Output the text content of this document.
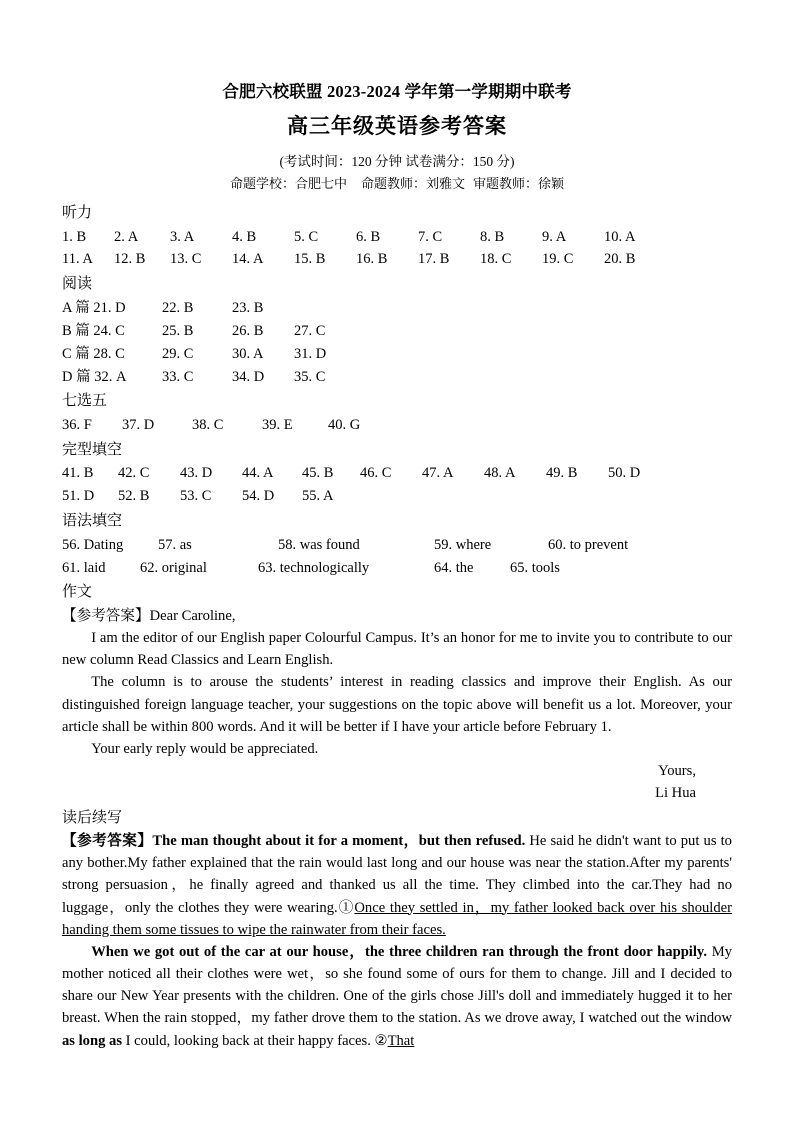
合肥六校联盟 2023-2024 学年第一学期期中联考
高三年级英语参考答案
(考试时间：120 分钟 试卷满分：150 分)
命题学校：合肥七中 命题教师：刘雅文 审题教师：徐颖
听力
1. B	2. A	3. A	4. B	5. C	6. B	7. C	8. B	9. A	10. A
11. A	12. B	13. C	14. A	15. B	16. B	17. B	18. C	19. C	20. B
阅读
A 篇 21. D	22. B	23. B
B 篇 24. C	25. B	26. B	27. C
C 篇 28. C	29. C	30. A	31. D
D 篇 32. A	33. C	34. D	35. C
七选五
36. F	37. D	38. C	39. E	40. G
完型填空
41. B	42. C	43. D	44. A	45. B	46. C	47. A	48. A	49. B	50. D
51. D	52. B	53. C	54. D	55. A
语法填空
56. Dating	57. as	58. was found	59. where	60. to prevent
61. laid	62. original	63. technologically	64. the	65. tools
作文
【参考答案】Dear Caroline,
I am the editor of our English paper Colourful Campus. It’s an honor for me to invite you to contribute to our new column Read Classics and Learn English.
The column is to arouse the students’ interest in reading classics and improve their English. As our distinguished foreign language teacher, your suggestions on the topic above will benefit us a lot. Moreover, your article shall be within 800 words. And it will be better if I have your article before February 1.
Your early reply would be appreciated.
Yours,
Li Hua
读后续写
【参考答案】The man thought about it for a moment，but then refused. He said he didn't want to put us to any bother.My father explained that the rain would last long and our house was near the station.After my parents' strong persuasion，he finally agreed and thanked us all the time. They climbed into the car.They had no luggage，only the clothes they were wearing.①Once they settled in，my father looked back over his shoulder handing them some tissues to wipe the rainwater from their faces.
When we got out of the car at our house，the three children ran through the front door happily. My mother noticed all their clothes were wet，so she found some of ours for them to change. Jill and I decided to share our New Year presents with the children. One of the girls chose Jill's doll and immediately hugged it to her breast. When the rain stopped，my father drove them to the station. As we drove away, I watched out the window as long as I could, looking back at their happy faces. ②That
